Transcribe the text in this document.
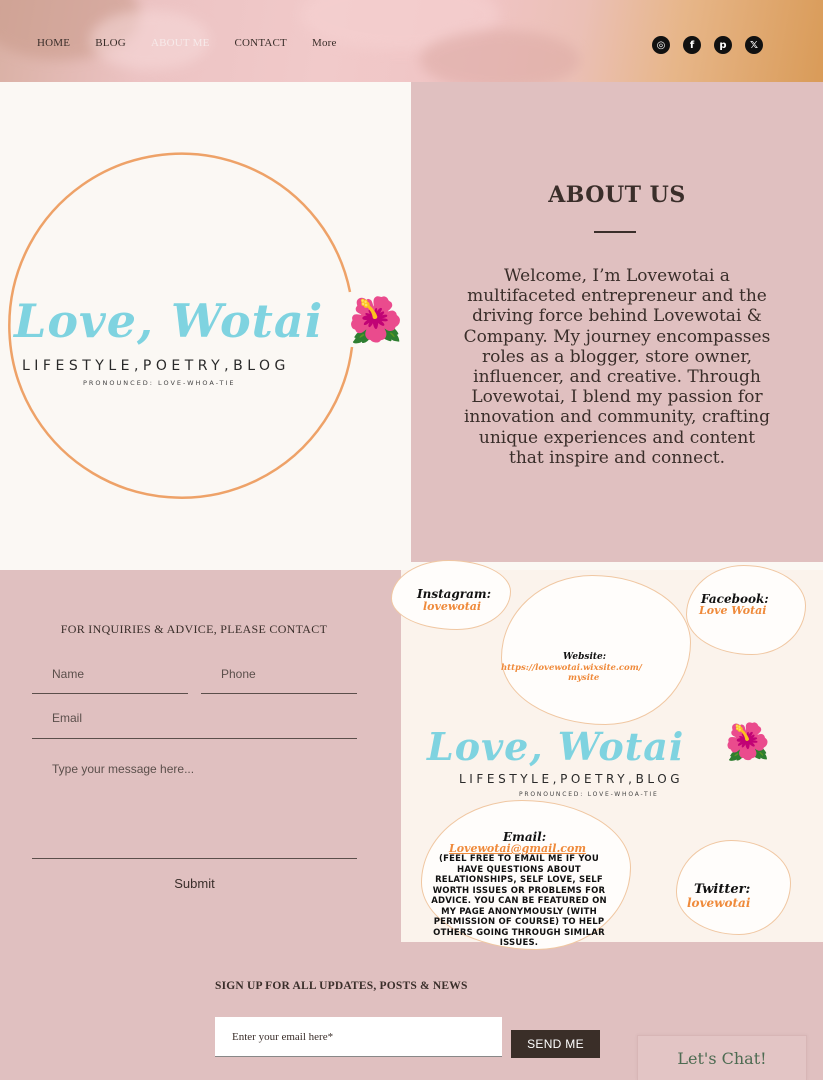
HOME BLOG ABOUT ME CONTACT More	◎	f	p	𝕏
Love, Wotai 🌺
LIFESTYLE,POETRY,BLOG
PRONOUNCED: LOVE-WHOA-TIE
ABOUT US

Welcome, I’m Lovewotai a multifaceted entrepreneur and the driving force behind Lovewotai & Company. My journey encompasses roles as a blogger, store owner, influencer, and creative. Through Lovewotai, I blend my passion for innovation and community, crafting unique experiences and content that inspire and connect.

FOR INQUIRIES & ADVICE, PLEASE CONTACT
Name	Phone
Email
Type your message here...
Submit
Instagram:
lovewotai
Facebook:
Love Wotai
Website:
https://lovewotai.wixsite.com/
mysite
Love, Wotai 🌺
LIFESTYLE,POETRY,BLOG
PRONOUNCED: LOVE-WHOA-TIE
Email:
Lovewotai@gmail.com
(FEEL FREE TO EMAIL ME IF YOU HAVE QUESTIONS ABOUT RELATIONSHIPS, SELF LOVE, SELF WORTH ISSUES OR PROBLEMS FOR ADVICE. YOU CAN BE FEATURED ON MY PAGE ANONYMOUSLY (WITH PERMISSION OF COURSE) TO HELP OTHERS GOING THROUGH SIMILAR ISSUES.
Twitter:
lovewotai
SIGN UP FOR ALL UPDATES, POSTS & NEWS
Enter your email here*	SEND ME
Let's Chat!
